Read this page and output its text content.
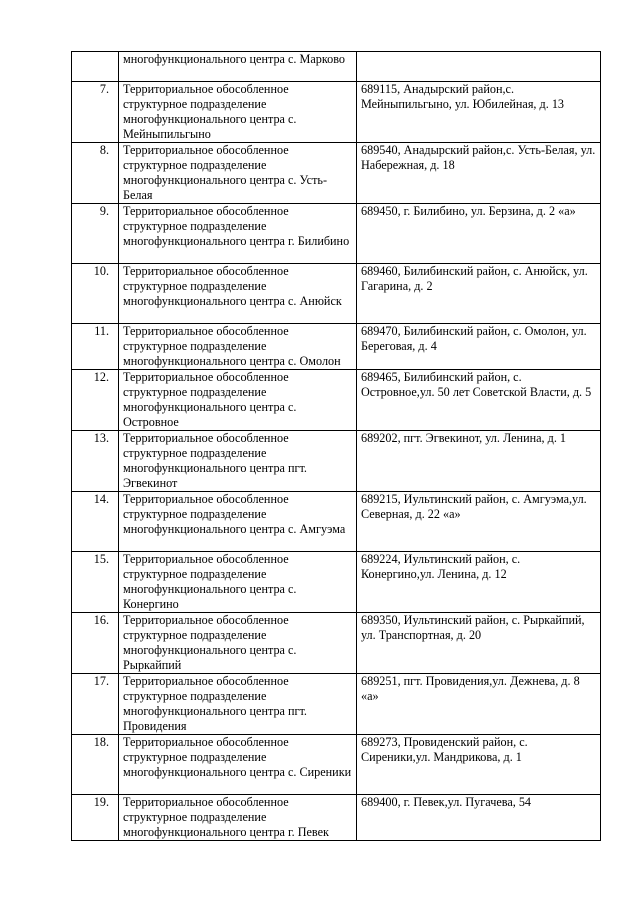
	многофункционального центра с. Марково	
7.	Территориальное обособленное структурное подразделение многофункционального центра с. Мейныпильгыно	689115, Анадырский район,с. Мейныпильгыно, ул. Юбилейная, д. 13
8.	Территориальное обособленное структурное подразделение многофункционального центра с. Усть-Белая	689540, Анадырский район,с. Усть-Белая, ул. Набережная, д. 18
9.	Территориальное обособленное структурное подразделение многофункционального центра г. Билибино	689450, г. Билибино, ул. Берзина, д. 2 «а»
10.	Территориальное обособленное структурное подразделение многофункционального центра с. Анюйск	689460, Билибинский район, с. Анюйск, ул. Гагарина, д. 2
11.	Территориальное обособленное структурное подразделение многофункционального центра с. Омолон	689470, Билибинский район, с. Омолон, ул. Береговая, д. 4
12.	Территориальное обособленное структурное подразделение многофункционального центра с. Островное	689465, Билибинский район, с. Островное,ул. 50 лет Советской Власти, д. 5
13.	Территориальное обособленное структурное подразделение многофункционального центра пгт. Эгвекинот	689202, пгт. Эгвекинот, ул. Ленина, д. 1
14.	Территориальное обособленное структурное подразделение многофункционального центра с. Амгуэма	689215, Иультинский район, с. Амгуэма,ул. Северная, д. 22 «а»
15.	Территориальное обособленное структурное подразделение многофункционального центра с. Конергино	689224, Иультинский район, с. Конергино,ул. Ленина, д. 12
16.	Территориальное обособленное структурное подразделение многофункционального центра с. Рыркайпий	689350, Иультинский район, с. Рыркайпий, ул. Транспортная, д. 20
17.	Территориальное обособленное структурное подразделение многофункционального центра пгт. Провидения	689251, пгт. Провидения,ул. Дежнева, д. 8 «а»
18.	Территориальное обособленное структурное подразделение многофункционального центра с. Сиреники	689273, Провиденский район, с. Сиреники,ул. Мандрикова, д. 1
19.	Территориальное обособленное структурное подразделение многофункционального центра г. Певек	689400, г. Певек,ул. Пугачева, 54
